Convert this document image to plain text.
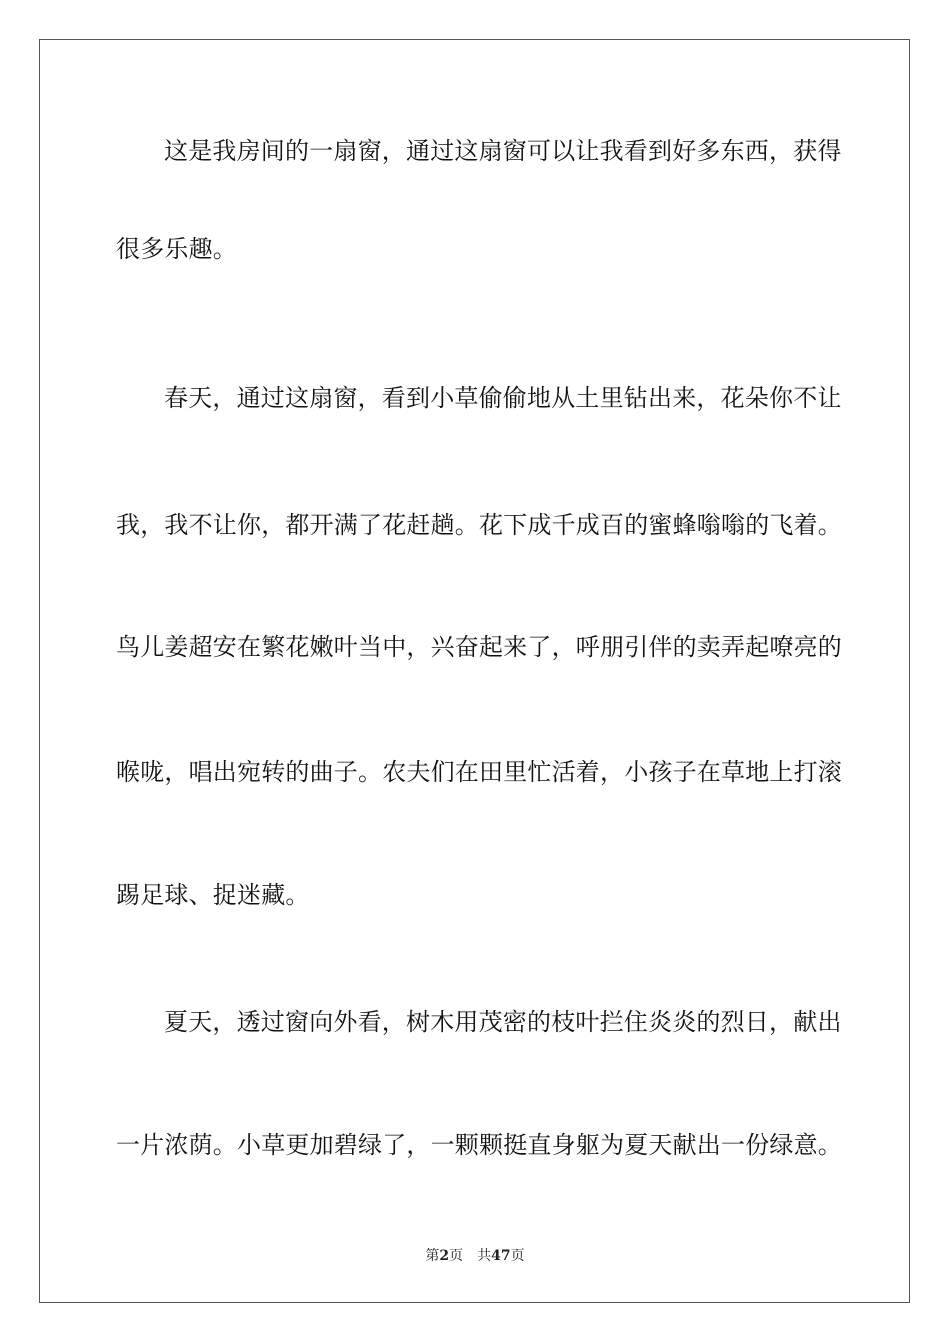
这是我房间的一扇窗，通过这扇窗可以让我看到好多东西，获得

很多乐趣。

春天，通过这扇窗，看到小草偷偷地从土里钻出来，花朵你不让

我，我不让你，都开满了花赶趟。花下成千成百的蜜蜂嗡嗡的飞着。

鸟儿姜超安在繁花嫩叶当中，兴奋起来了，呼朋引伴的卖弄起嘹亮的

喉咙，唱出宛转的曲子。农夫们在田里忙活着，小孩子在草地上打滚

踢足球、捉迷藏。

夏天，透过窗向外看，树木用茂密的枝叶拦住炎炎的烈日，献出

一片浓荫。小草更加碧绿了，一颗颗挺直身躯为夏天献出一份绿意。

第2页 共47页
